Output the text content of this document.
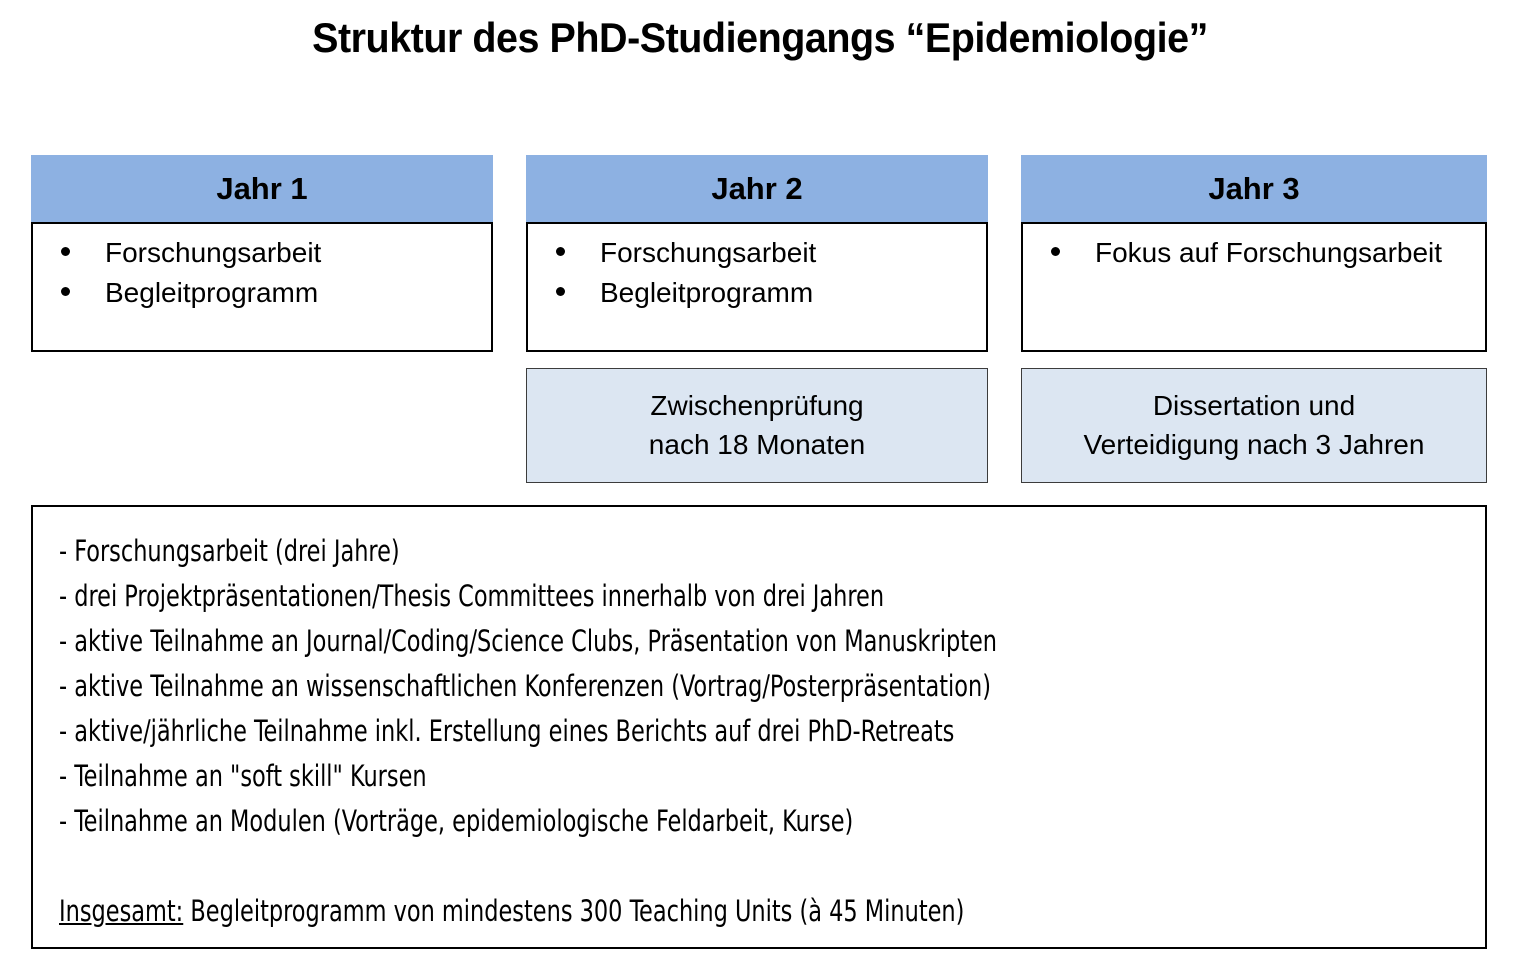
Struktur des PhD-Studiengangs “Epidemiologie”
Jahr 1
Forschungsarbeit
Begleitprogramm
Jahr 2
Forschungsarbeit
Begleitprogramm
Jahr 3
Fokus auf Forschungsarbeit
Zwischenprüfung
nach 18 Monaten
Dissertation und
Verteidigung nach 3 Jahren
- Forschungsarbeit (drei Jahre)
- drei Projektpräsentationen/Thesis Committees innerhalb von drei Jahren
- aktive Teilnahme an Journal/Coding/Science Clubs, Präsentation von Manuskripten
- aktive Teilnahme an wissenschaftlichen Konferenzen (Vortrag/Posterpräsentation)
- aktive/jährliche Teilnahme inkl. Erstellung eines Berichts auf drei PhD-Retreats
- Teilnahme an "soft skill" Kursen
- Teilnahme an Modulen (Vorträge, epidemiologische Feldarbeit, Kurse)
Insgesamt: Begleitprogramm von mindestens 300 Teaching Units (à 45 Minuten)
